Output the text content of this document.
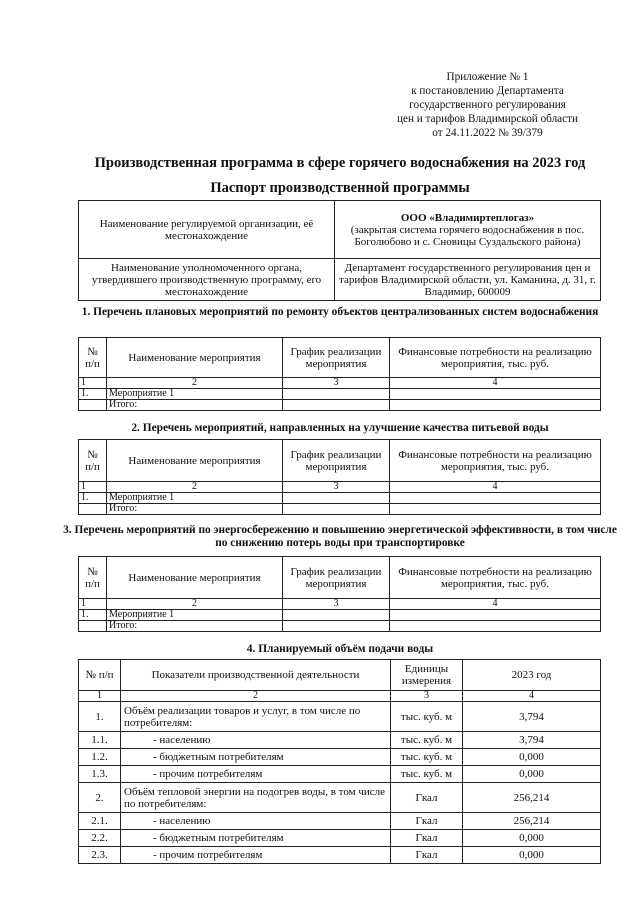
Приложение № 1
к постановлению Департамента
государственного регулирования
цен и тарифов Владимирской области
от 24.11.2022 № 39/379
Производственная программа в сфере горячего водоснабжения на 2023 год
Паспорт производственной программы
Наименование регулируемой организации, её местонахождение	ООО «Владимиртеплогаз»
(закрытая система горячего водоснабжения в пос. Боголюбово и с. Сновицы Суздальского района)

Наименование уполномоченного органа, утвердившего производственную программу, его местонахождение	Департамент государственного регулирования цен и тарифов Владимирской области, ул. Каманина, д. 31, г. Владимир, 600009
1. Перечень плановых мероприятий по ремонту объектов централизованных систем водоснабжения
№ п/п	Наименование мероприятия	График реализации мероприятия	Финансовые потребности на реализацию мероприятия, тыс. руб.
1	2	3	4
1.	Мероприятие 1		
	Итого:		
2. Перечень мероприятий, направленных на улучшение качества питьевой воды
№ п/п	Наименование мероприятия	График реализации мероприятия	Финансовые потребности на реализацию мероприятия, тыс. руб.
1	2	3	4
1.	Мероприятие 1		
	Итого:		
3. Перечень мероприятий по энергосбережению и повышению энергетической эффективности, в том числе по снижению потерь воды при транспортировке
№ п/п	Наименование мероприятия	График реализации мероприятия	Финансовые потребности на реализацию мероприятия, тыс. руб.
1	2	3	4
1.	Мероприятие 1		
	Итого:		
4. Планируемый объём подачи воды
№ п/п	Показатели производственной деятельности	Единицы измерения	2023 год
1	2	3	4
1.	Объём реализации товаров и услуг, в том числе по потребителям:	тыс. куб. м	3,794
1.1.	- населению	тыс. куб. м	3,794
1.2.	- бюджетным потребителям	тыс. куб. м	0,000
1.3.	- прочим потребителям	тыс. куб. м	0,000
2.	Объём тепловой энергии на подогрев воды, в том числе по потребителям:	Гкал	256,214
2.1.	- населению	Гкал	256,214
2.2.	- бюджетным потребителям	Гкал	0,000
2.3.	- прочим потребителям	Гкал	0,000
